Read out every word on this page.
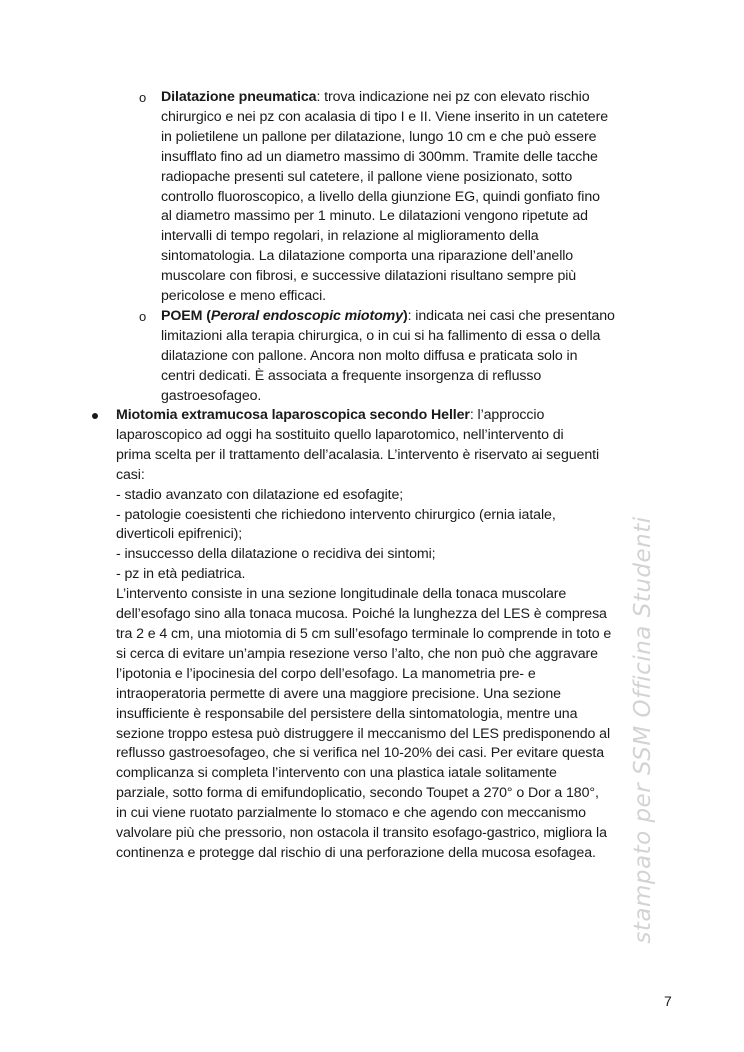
o Dilatazione pneumatica: trova indicazione nei pz con elevato rischio
chirurgico e nei pz con acalasia di tipo I e II. Viene inserito in un catetere
in polietilene un pallone per dilatazione, lungo 10 cm e che può essere
insufflato fino ad un diametro massimo di 300mm. Tramite delle tacche
radiopache presenti sul catetere, il pallone viene posizionato, sotto
controllo fluoroscopico, a livello della giunzione EG, quindi gonfiato fino
al diametro massimo per 1 minuto. Le dilatazioni vengono ripetute ad
intervalli di tempo regolari, in relazione al miglioramento della
sintomatologia. La dilatazione comporta una riparazione dell’anello
muscolare con fibrosi, e successive dilatazioni risultano sempre più
pericolose e meno efficaci.
o POEM (Peroral endoscopic miotomy): indicata nei casi che presentano
limitazioni alla terapia chirurgica, o in cui si ha fallimento di essa o della
dilatazione con pallone. Ancora non molto diffusa e praticata solo in
centri dedicati. È associata a frequente insorgenza di reflusso
gastroesofageo.
Miotomia extramucosa laparoscopica secondo Heller: l’approccio
laparoscopico ad oggi ha sostituito quello laparotomico, nell’intervento di
prima scelta per il trattamento dell’acalasia. L’intervento è riservato ai seguenti
casi:
- stadio avanzato con dilatazione ed esofagite;
- patologie coesistenti che richiedono intervento chirurgico (ernia iatale,
diverticoli epifrenici);
- insuccesso della dilatazione o recidiva dei sintomi;
- pz in età pediatrica.
L’intervento consiste in una sezione longitudinale della tonaca muscolare
dell’esofago sino alla tonaca mucosa. Poiché la lunghezza del LES è compresa
tra 2 e 4 cm, una miotomia di 5 cm sull’esofago terminale lo comprende in toto e
si cerca di evitare un’ampia resezione verso l’alto, che non può che aggravare
l’ipotonia e l’ipocinesia del corpo dell’esofago. La manometria pre- e
intraoperatoria permette di avere una maggiore precisione. Una sezione
insufficiente è responsabile del persistere della sintomatologia, mentre una
sezione troppo estesa può distruggere il meccanismo del LES predisponendo al
reflusso gastroesofageo, che si verifica nel 10-20% dei casi. Per evitare questa
complicanza si completa l’intervento con una plastica iatale solitamente
parziale, sotto forma di emifundoplicatio, secondo Toupet a 270° o Dor a 180°,
in cui viene ruotato parzialmente lo stomaco e che agendo con meccanismo
valvolare più che pressorio, non ostacola il transito esofago-gastrico, migliora la
continenza e protegge dal rischio di una perforazione della mucosa esofagea.	stampato per SSM Officina Studenti
7
